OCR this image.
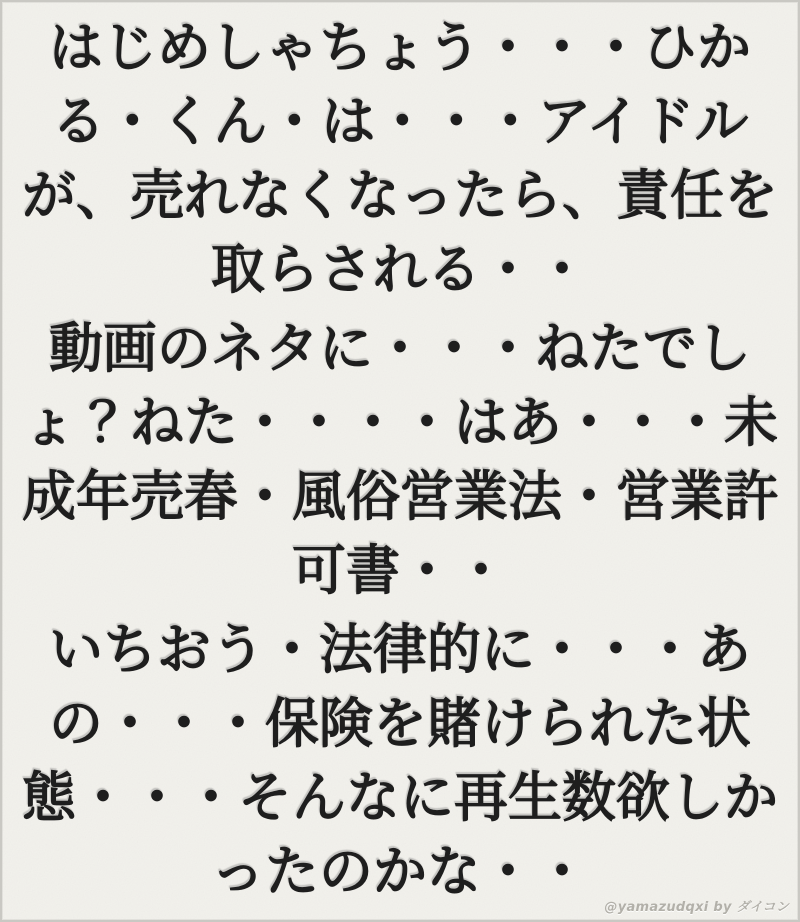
はじめしゃちょう・・・ひか
る・くん・は・・・アイドル
が、売れなくなったら、責任を
取らされる・・

動画のネタに・・・ねたでし
ょ？ねた・・・・はあ・・・未
成年売春・風俗営業法・営業許
可書・・

いちおう・法律的に・・・あ
の・・・保険を賭けられた状
態・・・そんなに再生数欲しか
ったのかな・・

@yamazudqxi by ダイコン
